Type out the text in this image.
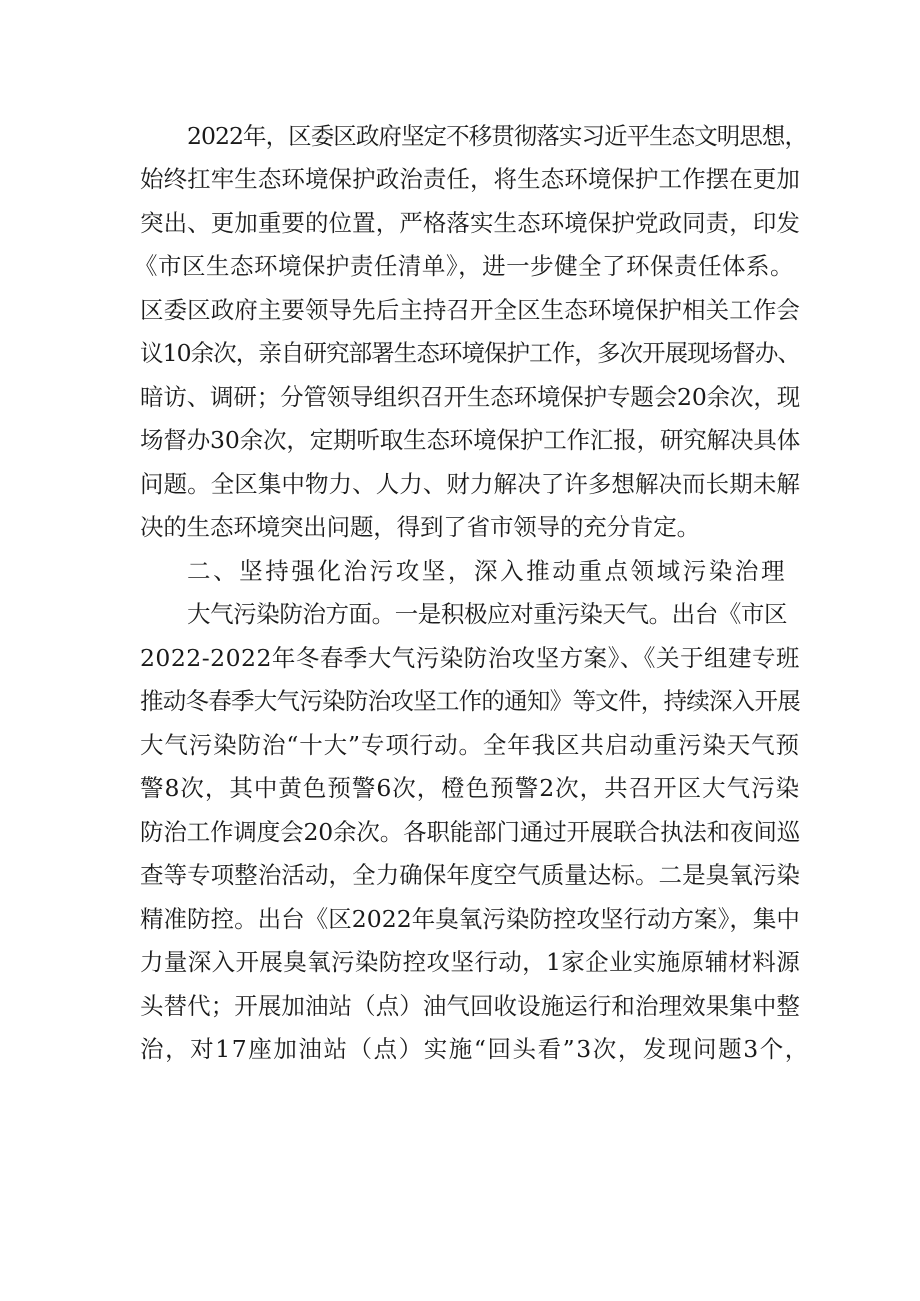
2022年，区委区政府坚定不移贯彻落实习近平生态文明思想，
始终扛牢生态环境保护政治责任，将生态环境保护工作摆在更加
突出、更加重要的位置，严格落实生态环境保护党政同责，印发
《市区生态环境保护责任清单》，进一步健全了环保责任体系。
区委区政府主要领导先后主持召开全区生态环境保护相关工作会
议10余次，亲自研究部署生态环境保护工作，多次开展现场督办、
暗访、调研；分管领导组织召开生态环境保护专题会20余次，现
场督办30余次，定期听取生态环境保护工作汇报，研究解决具体
问题。全区集中物力、人力、财力解决了许多想解决而长期未解
决的生态环境突出问题，得到了省市领导的充分肯定。
二、坚持强化治污攻坚，深入推动重点领域污染治理
大气污染防治方面。一是积极应对重污染天气。出台《市区
2022-2022年冬春季大气污染防治攻坚方案》、《关于组建专班
推动冬春季大气污染防治攻坚工作的通知》等文件，持续深入开展
大气污染防治“十大”专项行动。全年我区共启动重污染天气预
警8次，其中黄色预警6次，橙色预警2次，共召开区大气污染
防治工作调度会20余次。各职能部门通过开展联合执法和夜间巡
查等专项整治活动，全力确保年度空气质量达标。二是臭氧污染
精准防控。出台《区2022年臭氧污染防控攻坚行动方案》，集中
力量深入开展臭氧污染防控攻坚行动，1家企业实施原辅材料源
头替代；开展加油站（点）油气回收设施运行和治理效果集中整
治，对17座加油站（点）实施“回头看”3次，发现问题3个，
